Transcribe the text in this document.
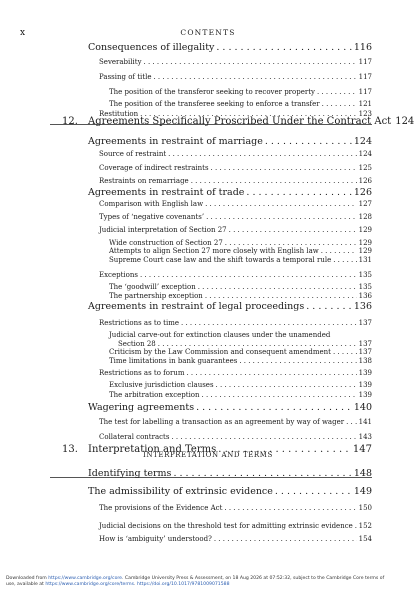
x	CONTENTS
Consequences of illegality . . .	116
Severability . . .	117
Passing of title . . .	117
The position of the transferor seeking to recover property . . .	117
The position of the transferee seeking to enforce a transfer . . .	121
Restitution . . .	123
12. Agreements Specifically Proscribed Under the Contract Act 124
Agreements in restraint of marriage . . .	124
Source of restraint . . .	124
Coverage of indirect restraints . . .	125
Restraints on remarriage . . .	126
Agreements in restraint of trade . . .	126
Comparison with English law . . .	127
Types of ‘negative covenants’ . . .	128
Judicial interpretation of Section 27 . . .	129
Wide construction of Section 27 . . .	129
Attempts to align Section 27 more closely with English law . . .	129
Supreme Court case law and the shift towards a temporal rule . . .	131
Exceptions . . .	135
The ‘goodwill’ exception . . .	135
The partnership exception . . .	136
Agreements in restraint of legal proceedings . . .	136
Restrictions as to time . . .	137
Judicial carve-out for extinction clauses under the unamended
Section 28 . . .	137
Criticism by the Law Commission and consequent amendment . . .	137
Time limitations in bank guarantees . . .	138
Restrictions as to forum . . .	139
Exclusive jurisdiction clauses . . .	139
The arbitration exception . . .	139
Wagering agreements . . .	140
The test for labelling a transaction as an agreement by way of wager . . . 141
Collateral contracts . . .	143
INTERPRETATION AND TERMS
13. Interpretation and Terms . . .	147
Identifying terms . . .	148
The admissibility of extrinsic evidence . . .	149
The provisions of the Evidence Act . . .	150
Judicial decisions on the threshold test for admitting extrinsic evidence . . . 152
How is ‘ambiguity’ understood? . . .	154
Downloaded from https://www.cambridge.org/core. Cambridge University Press & Assessment, on 18 Aug 2026 at 07:52:32, subject to the Cambridge Core terms of
use, available at https://www.cambridge.org/core/terms. https://doi.org/10.1017/9781009071588
